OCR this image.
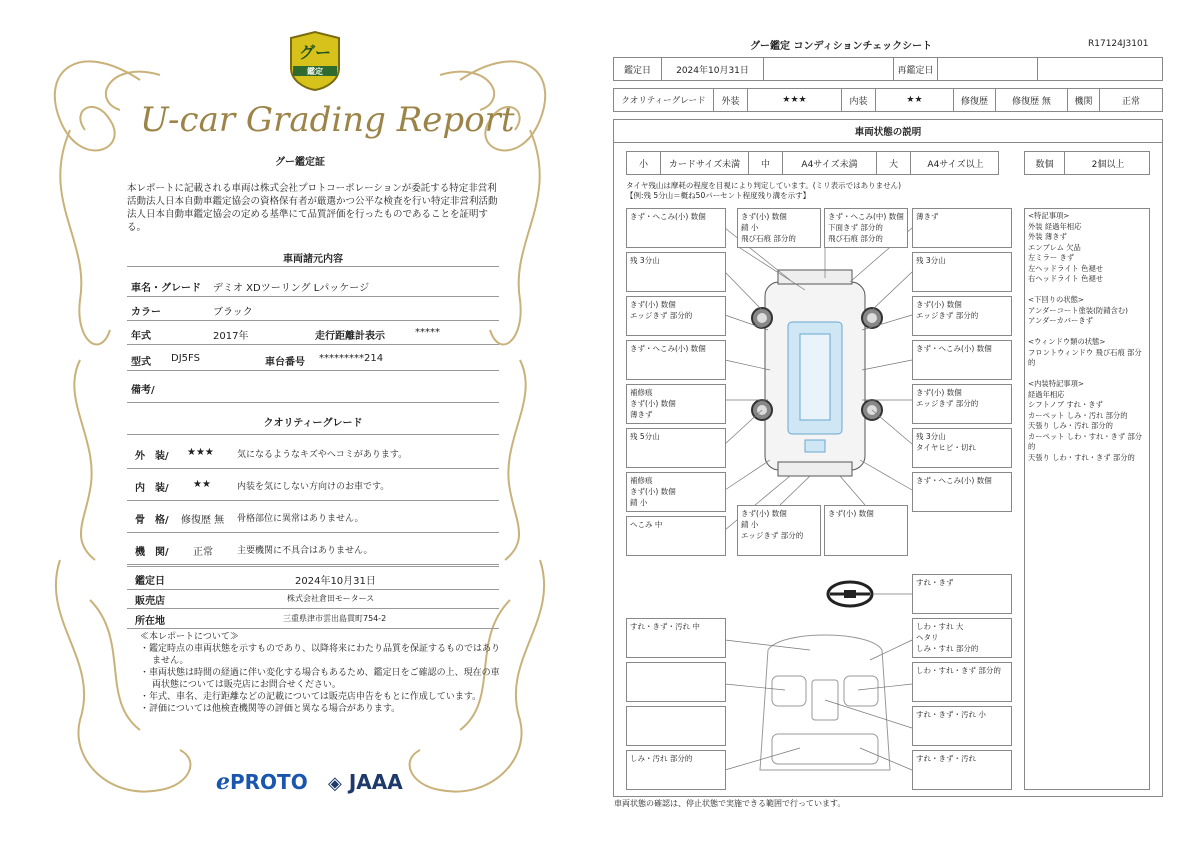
グー
鑑定
U-car Grading Report
グー鑑定証
本レポートに記載される車両は株式会社プロトコーポレーションが委託する特定非営利活動法人日本自動車鑑定協会の資格保有者が厳選かつ公平な検査を行い特定非営利活動法人日本自動車鑑定協会の定める基準にて品質評価を行ったものであることを証明する。
車両諸元内容
車名・グレード デミオ XDツーリング Lパッケージ
カラー	ブラック
年式	2017年	走行距離計表示	*****
型式 DJ5FS	車台番号 *********214
備考/
クオリティーグレード
外　装/ ★★★	気になるようなキズやヘコミがあります。
内　装/ ★★	内装を気にしない方向けのお車です。
骨　格/ 修復歴 無 骨格部位に異常はありません。
機　関/ 正常	主要機関に不具合はありません。
鑑定日	2024年10月31日
販売店	株式会社倉田モータース
所在地	三重県津市雲出島貫町754-2
≪本レポートについて≫
・鑑定時点の車両状態を示すものであり、以降将来にわたり品質を保証するものではありません。
・車両状態は時間の経過に伴い変化する場合もあるため、鑑定日をご確認の上、現在の車両状態については販売店にお問合せください。
・年式、車名、走行距離などの記載については販売店申告をもとに作成しています。
・評価については他検査機関等の評価と異なる場合があります。
ℯPROTO ◈ JAAA
グー鑑定 コンディションチェックシート	R17124J3101
鑑定日	2024年10月31日	再鑑定日
クオリティーグレード	外装	★★★	内装	★★	修復歴	修復歴 無	機関	正常
車両状態の説明
小	カードサイズ未満	中	A4サイズ未満	大	A4サイズ以上	数個	2個以上
タイヤ残山は摩耗の程度を目視により判定しています。(ミリ表示ではありません)
【例:残 5分山＝概ね50パーセント程度残り溝を示す】
きず・へこみ(小) 数個	きず(小) 数個
錆 小
飛び石痕 部分的
きず・へこみ(中) 数個
下面きず 部分的
飛び石痕 部分的
薄きず
残 3分山	残 3分山
きず(小) 数個
エッジきず 部分的
きず(小) 数個
エッジきず 部分的
きず・へこみ(小) 数個	きず・へこみ(小) 数個
補修痕
きず(小) 数個
薄きず
きず(小) 数個
エッジきず 部分的
残 5分山	残 3分山
タイヤヒビ・切れ
補修痕
きず(小) 数個
錆 小
きず・へこみ(小) 数個
へこみ 中
きず(小) 数個
錆 小
エッジきず 部分的
きず(小) 数個
すれ・きず
すれ・きず・汚れ 中	しわ・すれ 大
ヘタリ
しみ・すれ 部分的
しわ・すれ・きず 部分的
すれ・きず・汚れ 小
しみ・汚れ 部分的	すれ・きず・汚れ
<特記事項>
外装 経過年相応
外装 薄きず
エンブレム 欠品
左ミラー きず
左ヘッドライト 色褪せ
右ヘッドライト 色褪せ
<下回りの状態>
アンダーコート塗装(防錆含む)
アンダーカバーきず
<ウィンドウ類の状態>
フロントウィンドウ 飛び石痕 部分的
<内装特記事項>
経過年相応
シフトノブ すれ・きず
カーペット しみ・汚れ 部分的
天張り しみ・汚れ 部分的
カーペット しわ・すれ・きず 部分的
天張り しわ・すれ・きず 部分的
車両状態の確認は、停止状態で実施できる範囲で行っています。
